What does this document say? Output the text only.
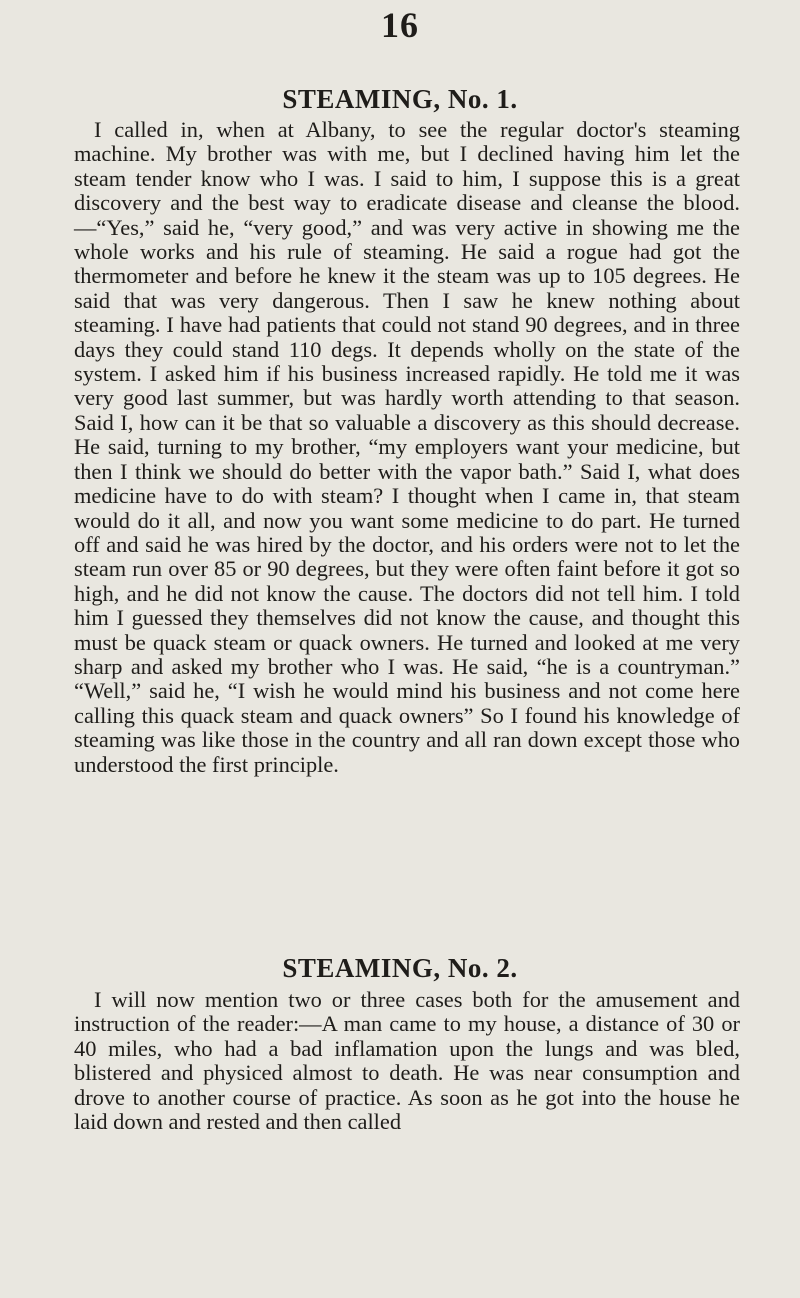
16
STEAMING, No. 1.

I called in, when at Albany, to see the regular doctor's steaming machine. My brother was with me, but I declined having him let the steam tender know who I was. I said to him, I suppose this is a great discovery and the best way to eradicate disease and cleanse the blood.—“Yes,” said he, “very good,” and was very active in showing me the whole works and his rule of steaming. He said a rogue had got the thermometer and before he knew it the steam was up to 105 degrees. He said that was very dangerous. Then I saw he knew nothing about steaming. I have had patients that could not stand 90 degrees, and in three days they could stand 110 degs. It depends wholly on the state of the system. I asked him if his business increased rapidly. He told me it was very good last summer, but was hardly worth attending to that season. Said I, how can it be that so valuable a discovery as this should decrease. He said, turning to my brother, “my employers want your medicine, but then I think we should do better with the vapor bath.” Said I, what does medicine have to do with steam? I thought when I came in, that steam would do it all, and now you want some medicine to do part. He turned off and said he was hired by the doctor, and his orders were not to let the steam run over 85 or 90 degrees, but they were often faint before it got so high, and he did not know the cause. The doctors did not tell him. I told him I guessed they themselves did not know the cause, and thought this must be quack steam or quack owners. He turned and looked at me very sharp and asked my brother who I was. He said, “he is a countryman.” “Well,” said he, “I wish he would mind his business and not come here calling this quack steam and quack owners” So I found his knowledge of steaming was like those in the country and all ran down except those who understood the first principle.

STEAMING, No. 2.

I will now mention two or three cases both for the amusement and instruction of the reader:—A man came to my house, a distance of 30 or 40 miles, who had a bad inflamation upon the lungs and was bled, blistered and physiced almost to death. He was near consumption and drove to another course of practice. As soon as he got into the house he laid down and rested and then called
